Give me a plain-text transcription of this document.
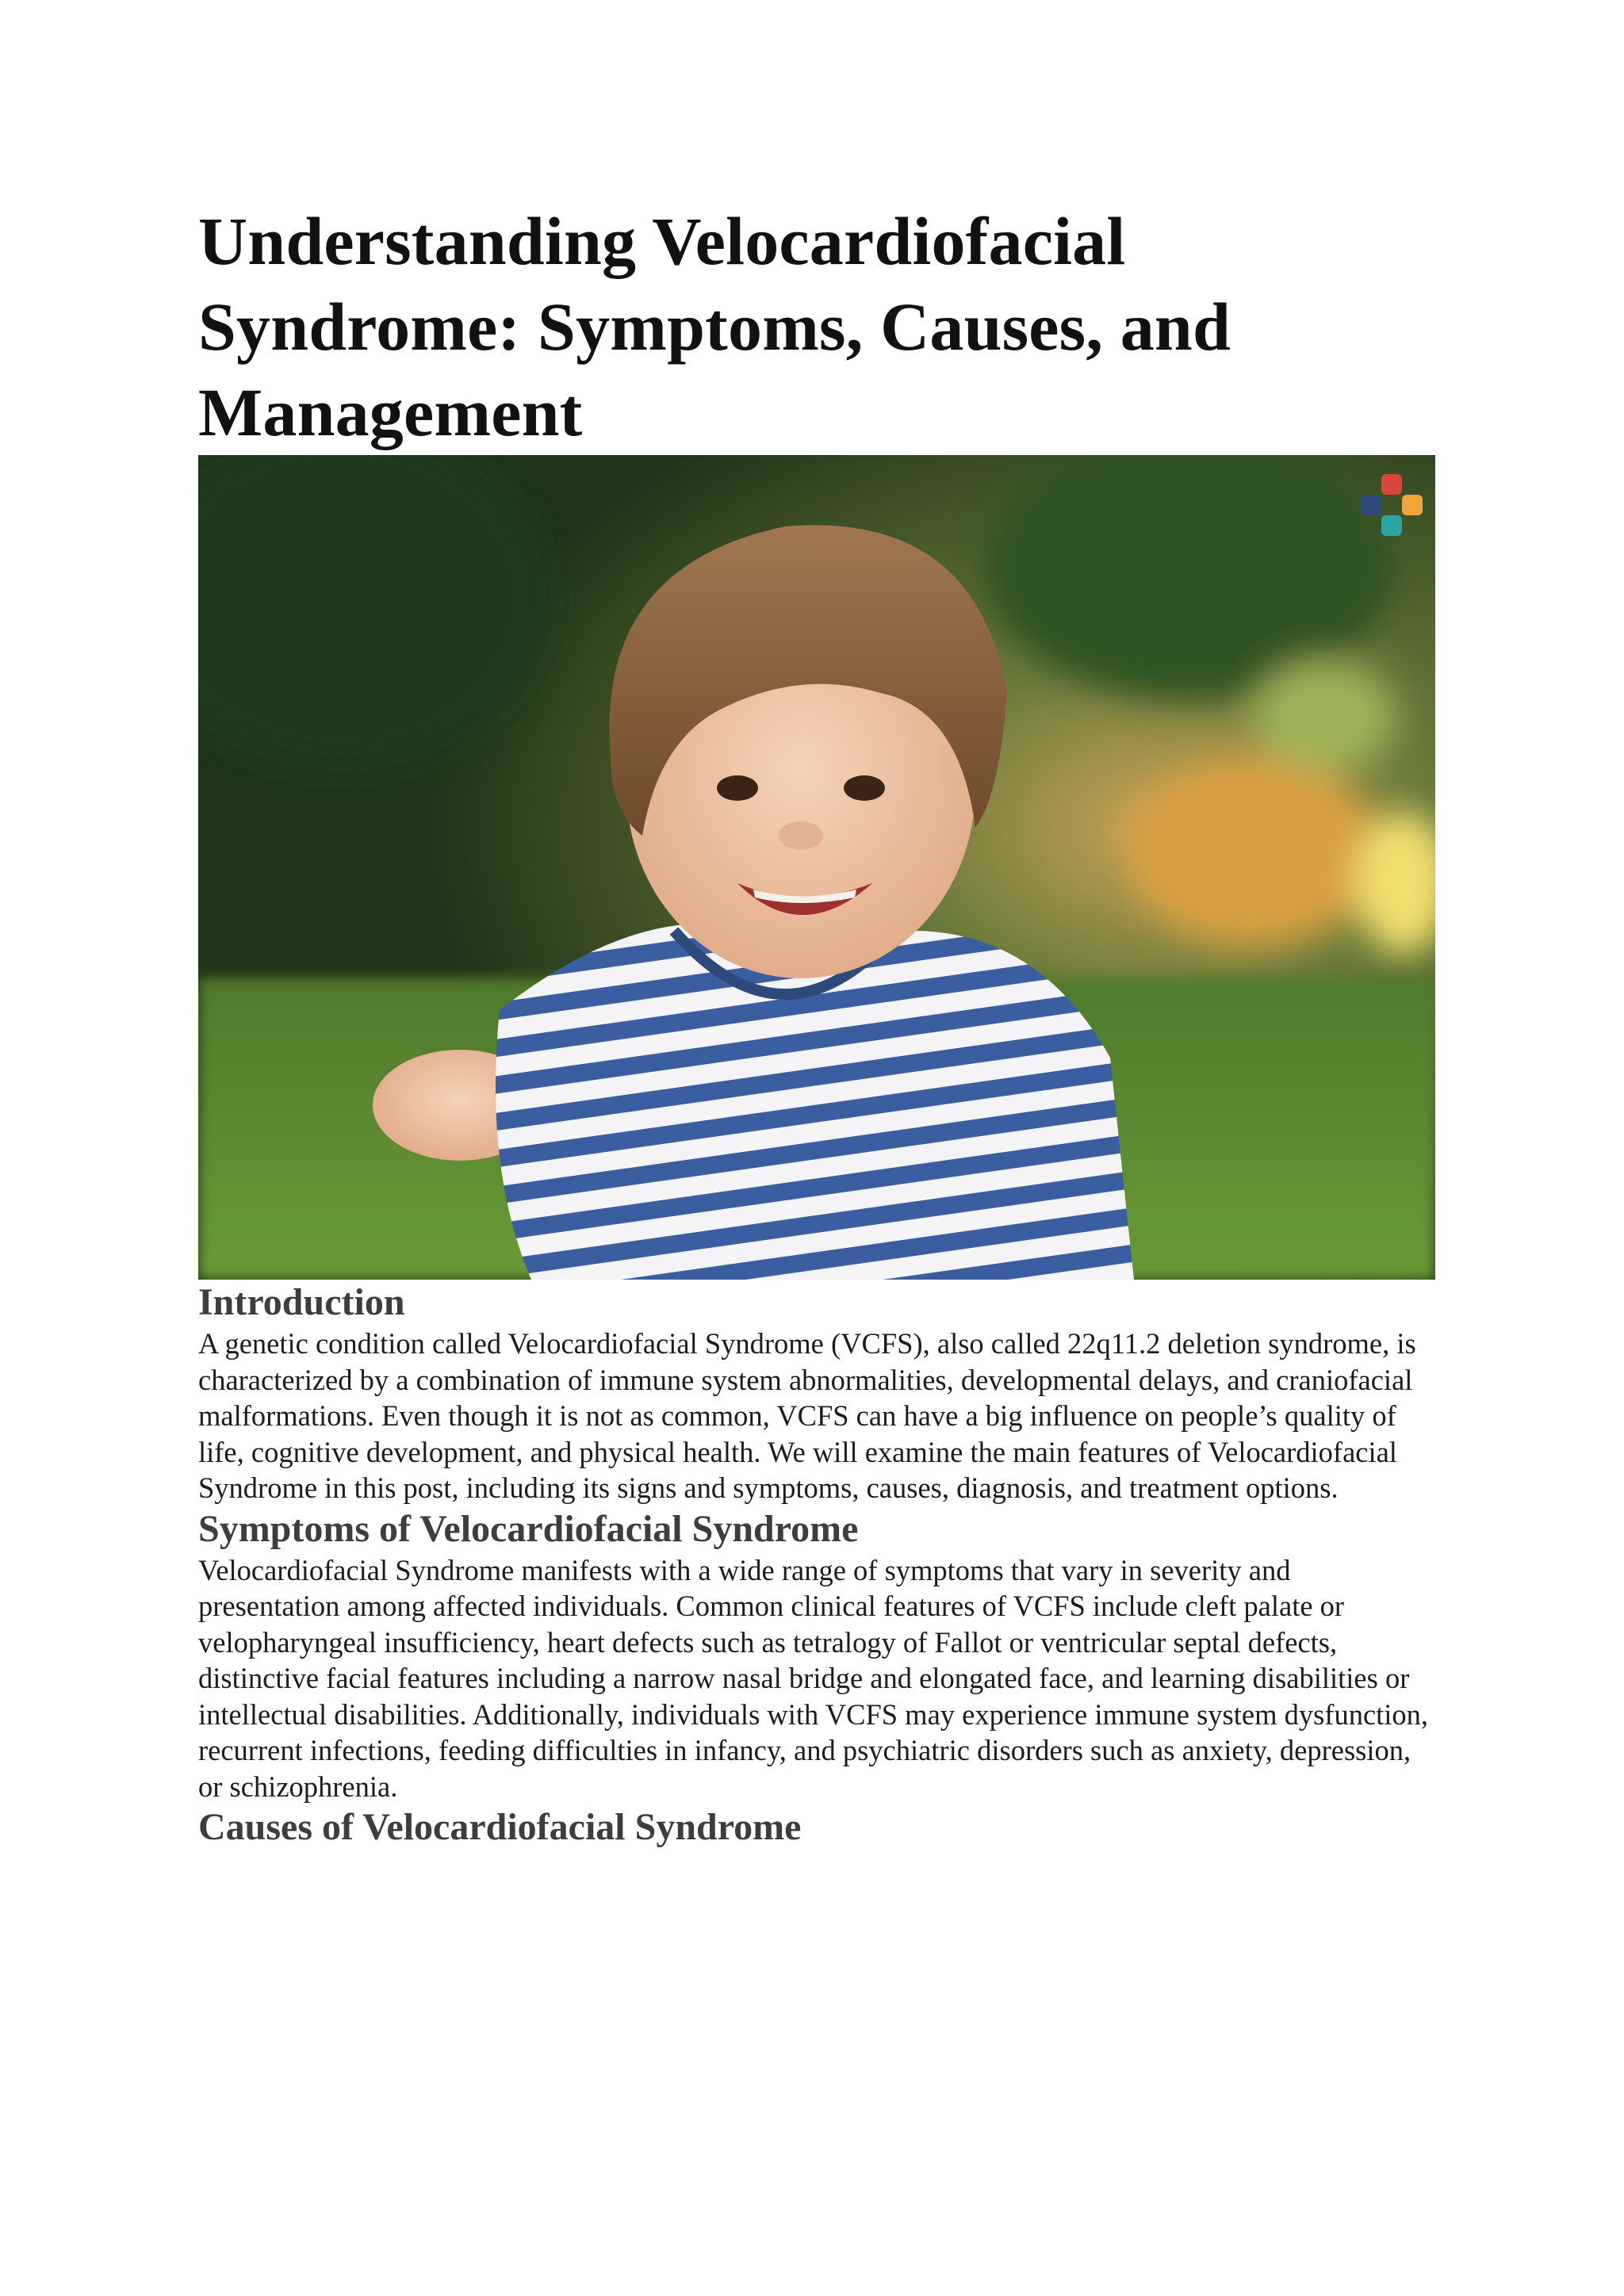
Understanding Velocardiofacial Syndrome: Symptoms, Causes, and Management
Introduction

A genetic condition called Velocardiofacial Syndrome (VCFS), also called 22q11.2 deletion syndrome, is characterized by a combination of immune system abnormalities, developmental delays, and craniofacial malformations. Even though it is not as common, VCFS can have a big influence on people’s quality of life, cognitive development, and physical health. We will examine the main features of Velocardiofacial Syndrome in this post, including its signs and symptoms, causes, diagnosis, and treatment options.

Symptoms of Velocardiofacial Syndrome

Velocardiofacial Syndrome manifests with a wide range of symptoms that vary in severity and presentation among affected individuals. Common clinical features of VCFS include cleft palate or velopharyngeal insufficiency, heart defects such as tetralogy of Fallot or ventricular septal defects, distinctive facial features including a narrow nasal bridge and elongated face, and learning disabilities or intellectual disabilities. Additionally, individuals with VCFS may experience immune system dysfunction, recurrent infections, feeding difficulties in infancy, and psychiatric disorders such as anxiety, depression, or schizophrenia.

Causes of Velocardiofacial Syndrome
